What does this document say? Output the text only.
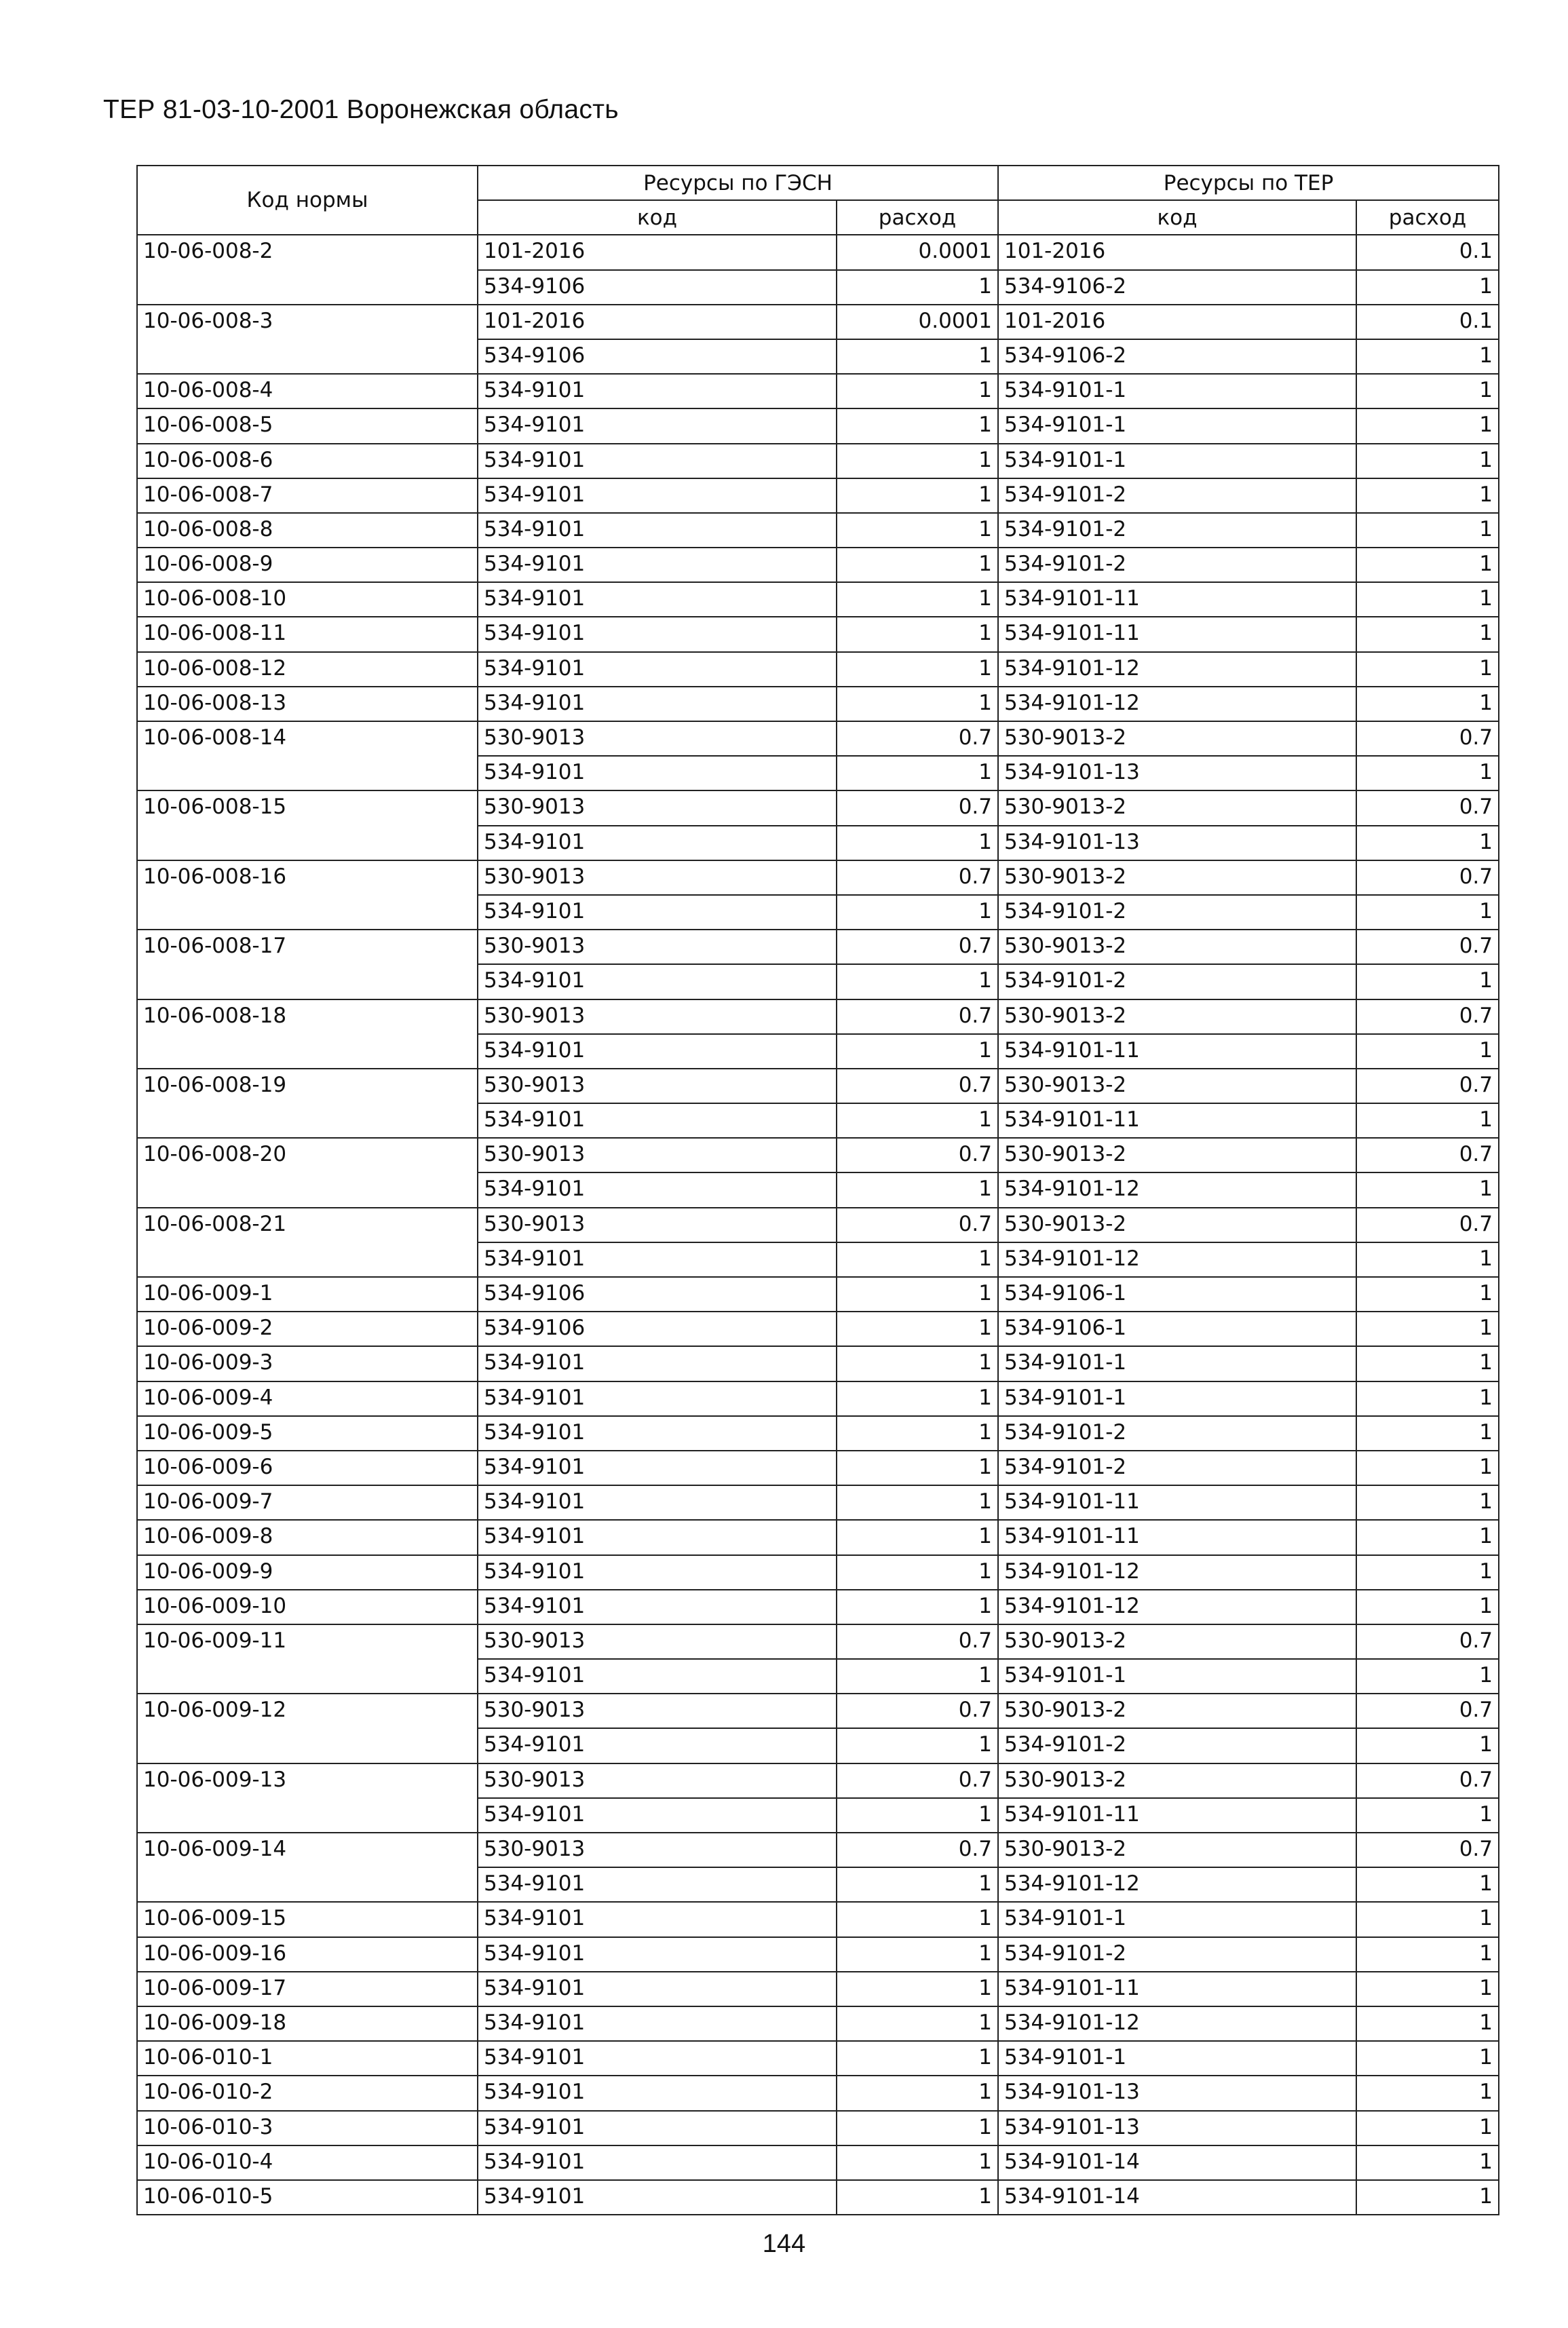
ТЕР 81-03-10-2001 Воронежская область
Код нормы	Ресурсы по ГЭСН		Ресурсы по ТЕР	
	код	расход	код	расход
10-06-008-2	101-2016	0.0001	101-2016	0.1
	534-9106	1	534-9106-2	1
10-06-008-3	101-2016	0.0001	101-2016	0.1
	534-9106	1	534-9106-2	1
10-06-008-4	534-9101	1	534-9101-1	1
10-06-008-5	534-9101	1	534-9101-1	1
10-06-008-6	534-9101	1	534-9101-1	1
10-06-008-7	534-9101	1	534-9101-2	1
10-06-008-8	534-9101	1	534-9101-2	1
10-06-008-9	534-9101	1	534-9101-2	1
10-06-008-10	534-9101	1	534-9101-11	1
10-06-008-11	534-9101	1	534-9101-11	1
10-06-008-12	534-9101	1	534-9101-12	1
10-06-008-13	534-9101	1	534-9101-12	1
10-06-008-14	530-9013	0.7	530-9013-2	0.7
	534-9101	1	534-9101-13	1
10-06-008-15	530-9013	0.7	530-9013-2	0.7
	534-9101	1	534-9101-13	1
10-06-008-16	530-9013	0.7	530-9013-2	0.7
	534-9101	1	534-9101-2	1
10-06-008-17	530-9013	0.7	530-9013-2	0.7
	534-9101	1	534-9101-2	1
10-06-008-18	530-9013	0.7	530-9013-2	0.7
	534-9101	1	534-9101-11	1
10-06-008-19	530-9013	0.7	530-9013-2	0.7
	534-9101	1	534-9101-11	1
10-06-008-20	530-9013	0.7	530-9013-2	0.7
	534-9101	1	534-9101-12	1
10-06-008-21	530-9013	0.7	530-9013-2	0.7
	534-9101	1	534-9101-12	1
10-06-009-1	534-9106	1	534-9106-1	1
10-06-009-2	534-9106	1	534-9106-1	1
10-06-009-3	534-9101	1	534-9101-1	1
10-06-009-4	534-9101	1	534-9101-1	1
10-06-009-5	534-9101	1	534-9101-2	1
10-06-009-6	534-9101	1	534-9101-2	1
10-06-009-7	534-9101	1	534-9101-11	1
10-06-009-8	534-9101	1	534-9101-11	1
10-06-009-9	534-9101	1	534-9101-12	1
10-06-009-10	534-9101	1	534-9101-12	1
10-06-009-11	530-9013	0.7	530-9013-2	0.7
	534-9101	1	534-9101-1	1
10-06-009-12	530-9013	0.7	530-9013-2	0.7
	534-9101	1	534-9101-2	1
10-06-009-13	530-9013	0.7	530-9013-2	0.7
	534-9101	1	534-9101-11	1
10-06-009-14	530-9013	0.7	530-9013-2	0.7
	534-9101	1	534-9101-12	1
10-06-009-15	534-9101	1	534-9101-1	1
10-06-009-16	534-9101	1	534-9101-2	1
10-06-009-17	534-9101	1	534-9101-11	1
10-06-009-18	534-9101	1	534-9101-12	1
10-06-010-1	534-9101	1	534-9101-1	1
10-06-010-2	534-9101	1	534-9101-13	1
10-06-010-3	534-9101	1	534-9101-13	1
10-06-010-4	534-9101	1	534-9101-14	1
10-06-010-5	534-9101	1	534-9101-14	1
144
